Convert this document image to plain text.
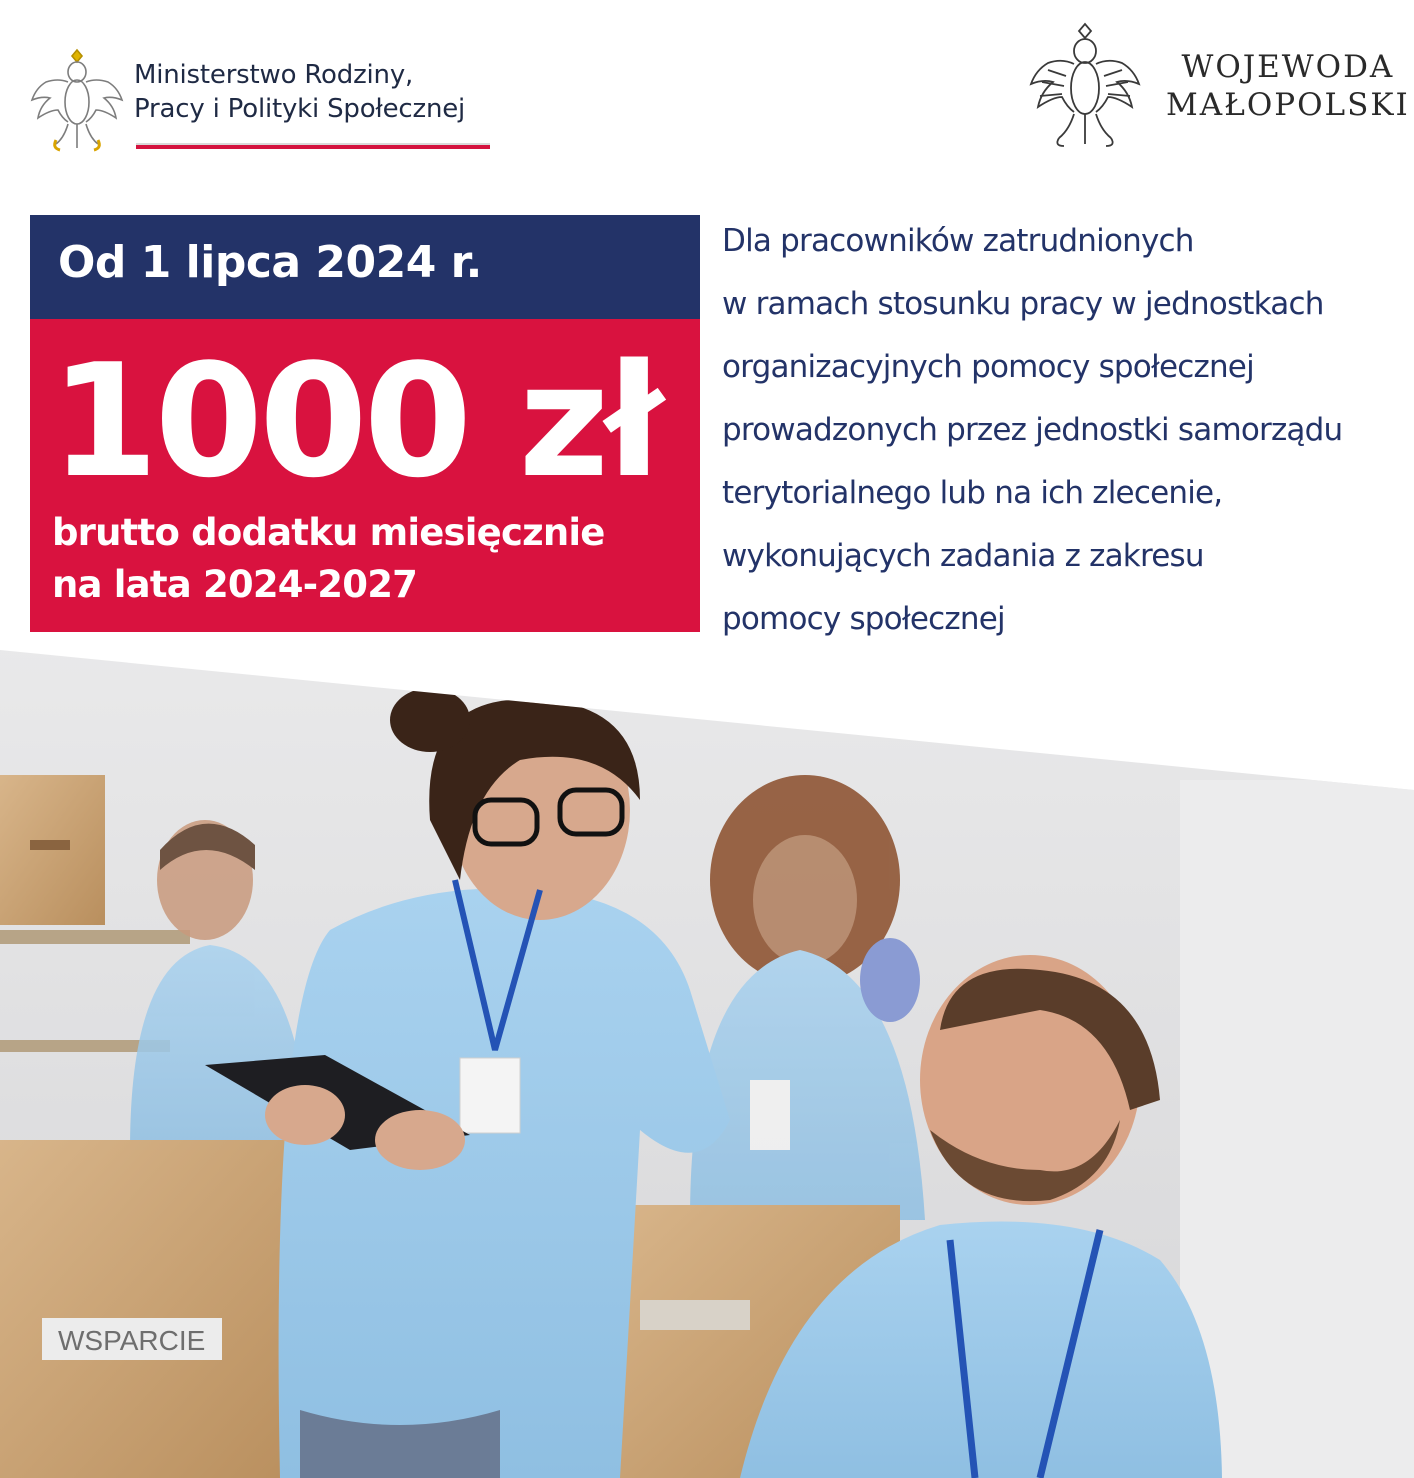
WSPARCIE
Ministerstwo Rodziny,
Pracy i Polityki Społecznej
WOJEWODA
MAŁOPOLSKI
Od 1 lipca 2024 r.
1000 zł
brutto dodatku miesięcznie
na lata 2024-2027
Dla pracowników zatrudnionych
w ramach stosunku pracy w jednostkach
organizacyjnych pomocy społecznej
prowadzonych przez jednostki samorządu
terytorialnego lub na ich zlecenie,
wykonujących zadania z zakresu
pomocy społecznej
